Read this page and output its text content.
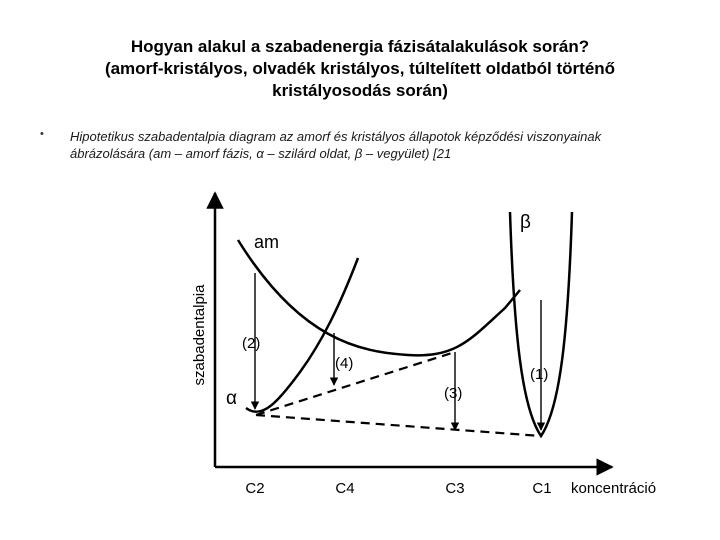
Hogyan alakul a szabadenergia fázisátalakulások során?
(amorf-kristályos, olvadék kristályos, túltelített oldatból történő
kristályosodás során)
• Hipotetikus szabadentalpia diagram az amorf és kristályos állapotok képződési viszonyainak ábrázolására (am – amorf fázis, α – szilárd oldat, β – vegyület) [21
szabadentalpia
koncentráció
C2	C4	C3	C1
am
α
β
(2)
(4)
(3)
(1)
